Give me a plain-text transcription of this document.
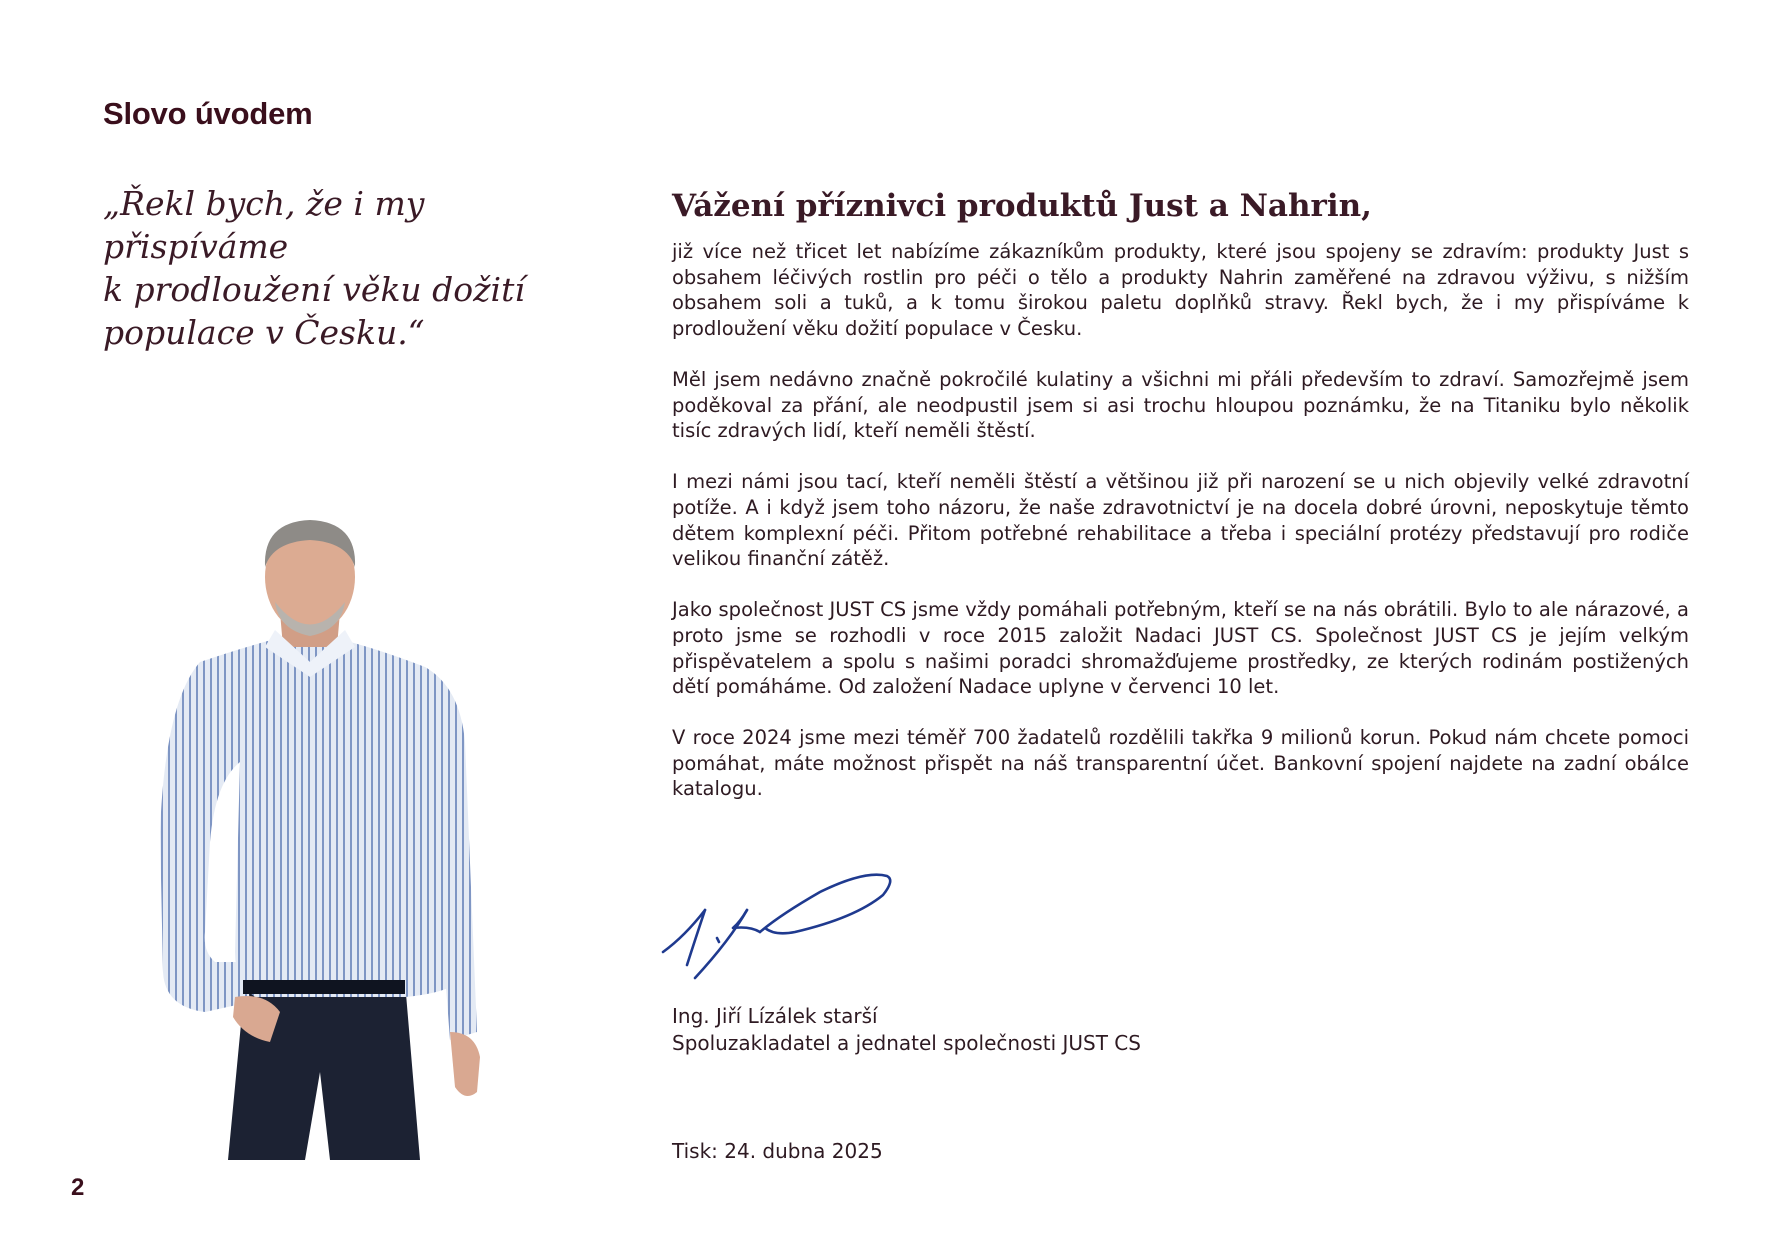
Slovo úvodem

„Řekl bych, že i my přispíváme
k prodloužení věku dožití
populace v Česku.“

Vážení příznivci produktů Just a Nahrin,

již více než třicet let nabízíme zákazníkům produkty, které jsou spojeny se zdravím: produkty Just s obsahem léčivých rostlin pro péči o tělo a produkty Nahrin zaměřené na zdravou výživu, s nižším obsahem soli a tuků, a k tomu širokou paletu doplňků stravy. Řekl bych, že i my přispíváme k prodloužení věku dožití populace v Česku.

Měl jsem nedávno značně pokročilé kulatiny a všichni mi přáli především to zdraví. Samozřejmě jsem poděkoval za přání, ale neodpustil jsem si asi trochu hloupou poznámku, že na Titaniku bylo několik tisíc zdravých lidí, kteří neměli štěstí.

I mezi námi jsou tací, kteří neměli štěstí a většinou již při narození se u nich objevily velké zdravotní potíže. A i když jsem toho názoru, že naše zdravotnictví je na docela dobré úrovni, neposkytuje těmto dětem komplexní péči. Přitom potřebné rehabilitace a třeba i speciální protézy představují pro rodiče velikou finanční zátěž.

Jako společnost JUST CS jsme vždy pomáhali potřebným, kteří se na nás obrátili. Bylo to ale nárazové, a proto jsme se rozhodli v roce 2015 založit Nadaci JUST CS. Společnost JUST CS je jejím velkým přispěvatelem a spolu s našimi poradci shromažďujeme prostředky, ze kterých rodinám postižených dětí pomáháme. Od založení Nadace uplyne v červenci 10 let.

V roce 2024 jsme mezi téměř 700 žadatelů rozdělili takřka 9 milionů korun. Pokud nám chcete pomoci pomáhat, máte možnost přispět na náš transparentní účet. Bankovní spojení najdete na zadní obálce katalogu.

Ing. Jiří Lízálek starší
Spoluzakladatel a jednatel společnosti JUST CS
Tisk: 24. dubna 2025
2
